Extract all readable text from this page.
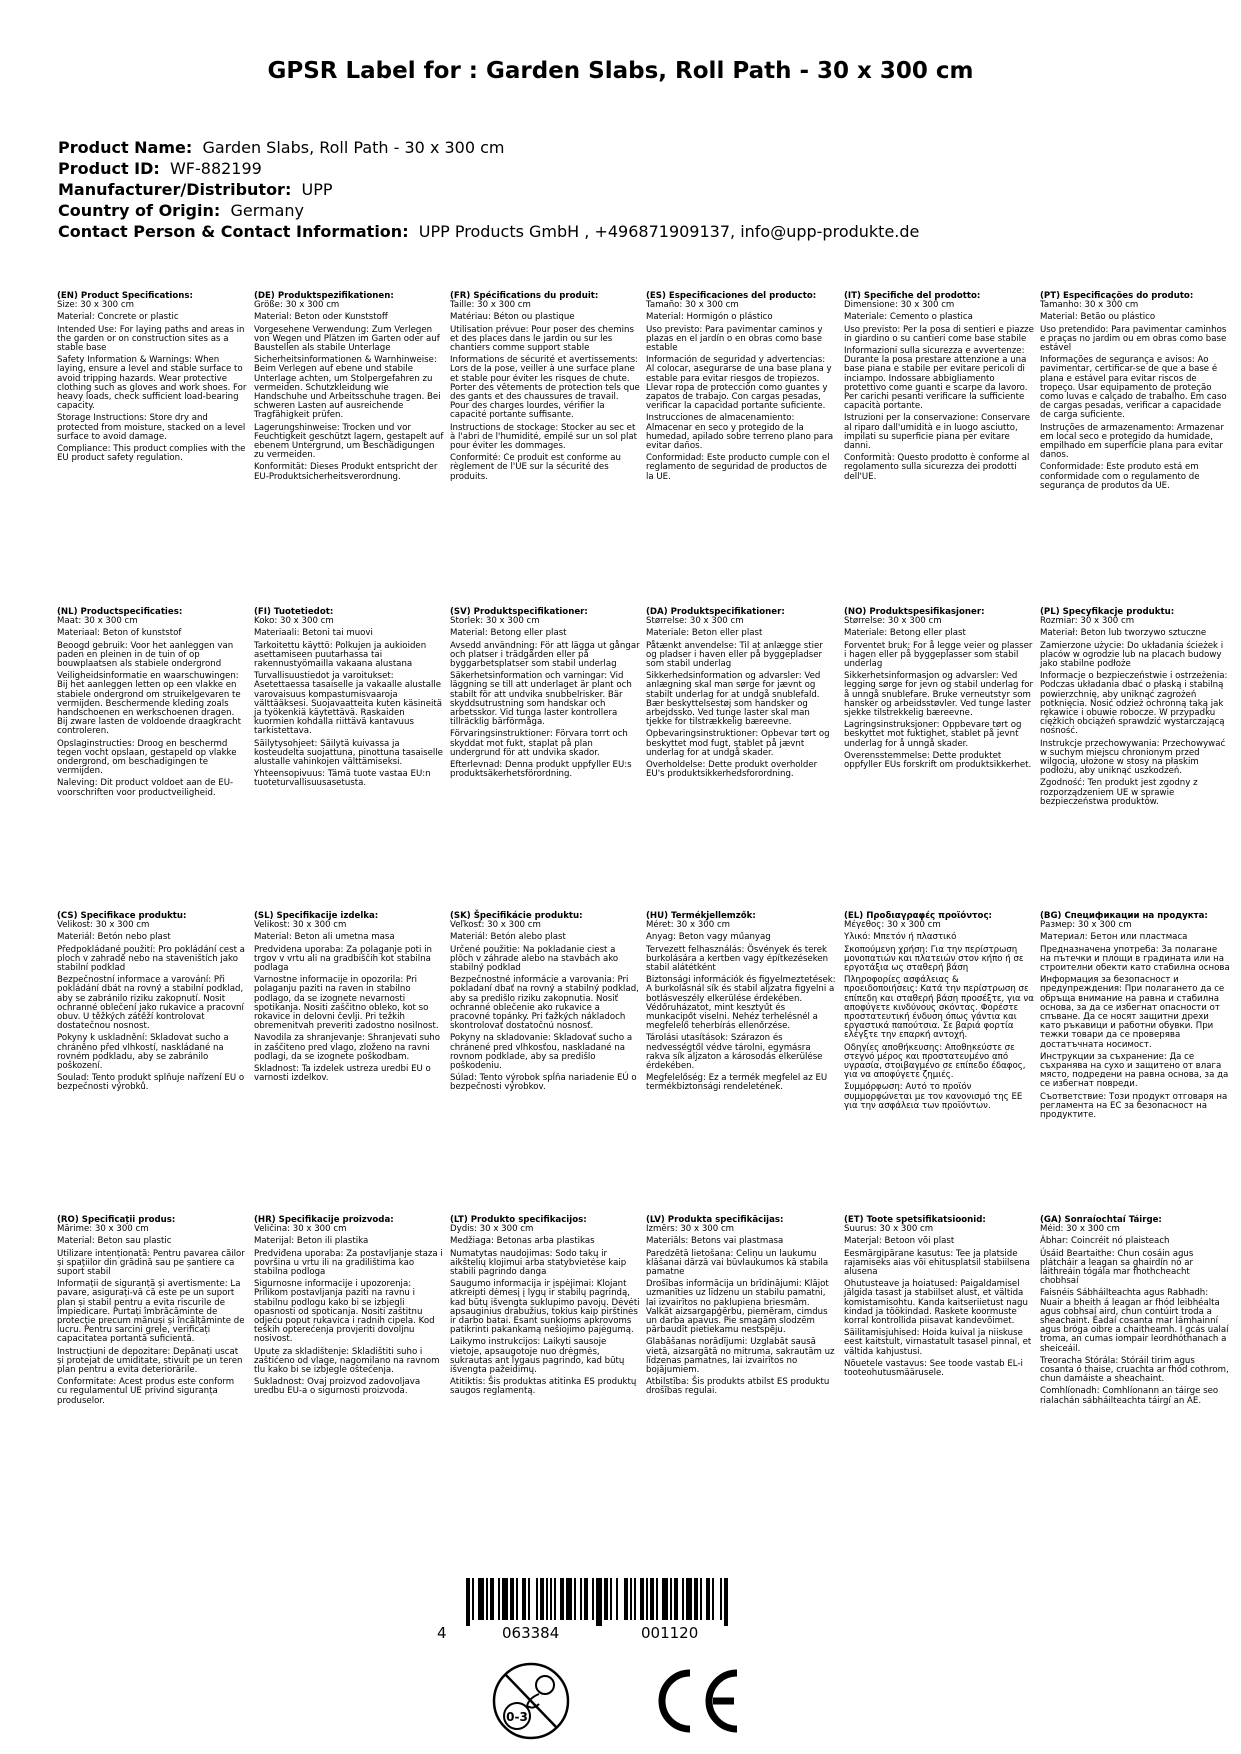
GPSR Label for : Garden Slabs, Roll Path - 30 x 300 cm
Product Name: Garden Slabs, Roll Path - 30 x 300 cm
Product ID: WF-882199
Manufacturer/Distributor: UPP
Country of Origin: Germany
Contact Person & Contact Information: UPP Products GmbH , +496871909137, info@upp-produkte.de
(EN) Product Specifications:
Size: 30 x 300 cm
Material: Concrete or plastic
Intended Use: For laying paths and areas in the garden or on construction sites as a stable base
Safety Information & Warnings: When laying, ensure a level and stable surface to avoid tripping hazards. Wear protective clothing such as gloves and work shoes. For heavy loads, check sufficient load-bearing capacity.
Storage Instructions: Store dry and protected from moisture, stacked on a level surface to avoid damage.
Compliance: This product complies with the EU product safety regulation.
(DE) Produktspezifikationen:
Größe: 30 x 300 cm
Material: Beton oder Kunststoff
Vorgesehene Verwendung: Zum Verlegen von Wegen und Plätzen im Garten oder auf Baustellen als stabile Unterlage
Sicherheitsinformationen & Warnhinweise: Beim Verlegen auf ebene und stabile Unterlage achten, um Stolpergefahren zu vermeiden. Schutzkleidung wie Handschuhe und Arbeitsschuhe tragen. Bei schweren Lasten auf ausreichende Tragfähigkeit prüfen.
Lagerungshinweise: Trocken und vor Feuchtigkeit geschützt lagern, gestapelt auf ebenem Untergrund, um Beschädigungen zu vermeiden.
Konformität: Dieses Produkt entspricht der EU-Produktsicherheitsverordnung.
(FR) Spécifications du produit:
Taille: 30 x 300 cm
Matériau: Béton ou plastique
Utilisation prévue: Pour poser des chemins et des places dans le jardin ou sur les chantiers comme support stable
Informations de sécurité et avertissements: Lors de la pose, veiller à une surface plane et stable pour éviter les risques de chute. Porter des vêtements de protection tels que des gants et des chaussures de travail. Pour des charges lourdes, vérifier la capacité portante suffisante.
Instructions de stockage: Stocker au sec et à l'abri de l'humidité, empilé sur un sol plat pour éviter les dommages.
Conformité: Ce produit est conforme au règlement de l'UE sur la sécurité des produits.
(ES) Especificaciones del producto:
Tamaño: 30 x 300 cm
Material: Hormigón o plástico
Uso previsto: Para pavimentar caminos y plazas en el jardín o en obras como base estable
Información de seguridad y advertencias: Al colocar, asegurarse de una base plana y estable para evitar riesgos de tropiezos. Llevar ropa de protección como guantes y zapatos de trabajo. Con cargas pesadas, verificar la capacidad portante suficiente.
Instrucciones de almacenamiento: Almacenar en seco y protegido de la humedad, apilado sobre terreno plano para evitar daños.
Conformidad: Este producto cumple con el reglamento de seguridad de productos de la UE.
(IT) Specifiche del prodotto:
Dimensione: 30 x 300 cm
Materiale: Cemento o plastica
Uso previsto: Per la posa di sentieri e piazze in giardino o su cantieri come base stabile
Informazioni sulla sicurezza e avvertenze: Durante la posa prestare attenzione a una base piana e stabile per evitare pericoli di inciampo. Indossare abbigliamento protettivo come guanti e scarpe da lavoro. Per carichi pesanti verificare la sufficiente capacità portante.
Istruzioni per la conservazione: Conservare al riparo dall'umidità e in luogo asciutto, impilati su superficie piana per evitare danni.
Conformità: Questo prodotto è conforme al regolamento sulla sicurezza dei prodotti dell'UE.
(PT) Especificações do produto:
Tamanho: 30 x 300 cm
Material: Betão ou plástico
Uso pretendido: Para pavimentar caminhos e praças no jardim ou em obras como base estável
Informações de segurança e avisos: Ao pavimentar, certificar-se de que a base é plana e estável para evitar riscos de tropeço. Usar equipamento de proteção como luvas e calçado de trabalho. Em caso de cargas pesadas, verificar a capacidade de carga suficiente.
Instruções de armazenamento: Armazenar em local seco e protegido da humidade, empilhado em superfície plana para evitar danos.
Conformidade: Este produto está em conformidade com o regulamento de segurança de produtos da UE.
(NL) Productspecificaties:
Maat: 30 x 300 cm
Materiaal: Beton of kunststof
Beoogd gebruik: Voor het aanleggen van paden en pleinen in de tuin of op bouwplaatsen als stabiele ondergrond
Veiligheidsinformatie en waarschuwingen: Bij het aanleggen letten op een vlakke en stabiele ondergrond om struikelgevaren te vermijden. Beschermende kleding zoals handschoenen en werkschoenen dragen. Bij zware lasten de voldoende draagkracht controleren.
Opslaginstructies: Droog en beschermd tegen vocht opslaan, gestapeld op vlakke ondergrond, om beschadigingen te vermijden.
Naleving: Dit product voldoet aan de EU-voorschriften voor productveiligheid.
(FI) Tuotetiedot:
Koko: 30 x 300 cm
Materiaali: Betoni tai muovi
Tarkoitettu käyttö: Polkujen ja aukioiden asettamiseen puutarhassa tai rakennustyömailla vakaana alustana
Turvallisuustiedot ja varoitukset: Asetettaessa tasaiselle ja vakaalle alustalle varovaisuus kompastumisvaaroja välttääksesi. Suojavaatteita kuten käsineitä ja työkenkiä käytettävä. Raskaiden kuormien kohdalla riittävä kantavuus tarkistettava.
Säilytysohjeet: Säilytä kuivassa ja kosteudelta suojattuna, pinottuna tasaiselle alustalle vahinkojen välttämiseksi.
Yhteensopivuus: Tämä tuote vastaa EU:n tuoteturvallisuusasetusta.
(SV) Produktspecifikationer:
Storlek: 30 x 300 cm
Material: Betong eller plast
Avsedd användning: För att lägga ut gångar och platser i trädgården eller på byggarbetsplatser som stabil underlag
Säkerhetsinformation och varningar: Vid läggning se till att underlaget är plant och stabilt för att undvika snubbelrisker. Bär skyddsutrustning som handskar och arbetsskor. Vid tunga laster kontrollera tillräcklig bärförmåga.
Förvaringsinstruktioner: Förvara torrt och skyddat mot fukt, staplat på plan undergrund för att undvika skador.
Efterlevnad: Denna produkt uppfyller EU:s produktsäkerhetsförordning.
(DA) Produktspecifikationer:
Størrelse: 30 x 300 cm
Materiale: Beton eller plast
Påtænkt anvendelse: Til at anlægge stier og pladser i haven eller på byggepladser som stabil underlag
Sikkerhedsinformation og advarsler: Ved anlægning skal man sørge for jævnt og stabilt underlag for at undgå snublefald. Bær beskyttelsestøj som handsker og arbejdssko. Ved tunge laster skal man tjekke for tilstrækkelig bæreevne.
Opbevaringsinstruktioner: Opbevar tørt og beskyttet mod fugt, stablet på jævnt underlag for at undgå skader.
Overholdelse: Dette produkt overholder EU's produktsikkerhedsforordning.
(NO) Produktspesifikasjoner:
Størrelse: 30 x 300 cm
Materiale: Betong eller plast
Forventet bruk: For å legge veier og plasser i hagen eller på byggeplasser som stabil underlag
Sikkerhetsinformasjon og advarsler: Ved legging sørge for jevn og stabil underlag for å unngå snublefare. Bruke verneutstyr som hansker og arbeidsstøvler. Ved tunge laster sjekke tilstrekkelig bæreevne.
Lagringsinstruksjoner: Oppbevare tørt og beskyttet mot fuktighet, stablet på jevnt underlag for å unngå skader.
Overensstemmelse: Dette produktet oppfyller EUs forskrift om produktsikkerhet.
(PL) Specyfikacje produktu:
Rozmiar: 30 x 300 cm
Materiał: Beton lub tworzywo sztuczne
Zamierzone użycie: Do układania ścieżek i placów w ogrodzie lub na placach budowy jako stabilne podłoże
Informacje o bezpieczeństwie i ostrzeżenia: Podczas układania dbać o płaską i stabilną powierzchnię, aby uniknąć zagrożeń potknięcia. Nosić odzież ochronną taką jak rękawice i obuwie robocze. W przypadku ciężkich obciążeń sprawdzić wystarczającą nośność.
Instrukcje przechowywania: Przechowywać w suchym miejscu chronionym przed wilgocią, ułożone w stosy na płaskim podłożu, aby uniknąć uszkodzeń.
Zgodność: Ten produkt jest zgodny z rozporządzeniem UE w sprawie bezpieczeństwa produktów.
(CS) Specifikace produktu:
Velikost: 30 x 300 cm
Materiál: Betón nebo plast
Předpokládané použití: Pro pokládání cest a ploch v zahradě nebo na staveništích jako stabilní podklad
Bezpečnostní informace a varování: Při pokládání dbát na rovný a stabilní podklad, aby se zabránilo riziku zakopnutí. Nosit ochranné oblečení jako rukavice a pracovní obuv. U těžkých zátěží kontrolovat dostatečnou nosnost.
Pokyny k uskladnění: Skladovat sucho a chráněno před vlhkostí, naskládané na rovném podkladu, aby se zabránilo poškození.
Soulad: Tento produkt splňuje nařízení EU o bezpečnosti výrobků.
(SL) Specifikacije izdelka:
Velikost: 30 x 300 cm
Material: Beton ali umetna masa
Predvidena uporaba: Za polaganje poti in trgov v vrtu ali na gradbiščih kot stabilna podlaga
Varnostne informacije in opozorila: Pri polaganju paziti na raven in stabilno podlago, da se izognete nevarnosti spotikanja. Nositi zaščitno obleko, kot so rokavice in delovni čevlji. Pri težkih obremenitvah preveriti zadostno nosilnost.
Navodila za shranjevanje: Shranjevati suho in zaščiteno pred vlago, zloženo na ravni podlagi, da se izognete poškodbam.
Skladnost: Ta izdelek ustreza uredbi EU o varnosti izdelkov.
(SK) Špecifikácie produktu:
Veľkosť: 30 x 300 cm
Materiál: Betón alebo plast
Určené použitie: Na pokladanie ciest a plôch v záhrade alebo na stavbách ako stabilný podklad
Bezpečnostné informácie a varovania: Pri pokladaní dbať na rovný a stabilný podklad, aby sa predišlo riziku zakopnutia. Nosiť ochranné oblečenie ako rukavice a pracovné topánky. Pri ťažkých nákladoch skontrolovať dostatočnú nosnosť.
Pokyny na skladovanie: Skladovať sucho a chránené pred vlhkosťou, naskladané na rovnom podklade, aby sa predišlo poškodeniu.
Súlad: Tento výrobok spĺňa nariadenie EÚ o bezpečnosti výrobkov.
(HU) Termékjellemzők:
Méret: 30 x 300 cm
Anyag: Beton vagy műanyag
Tervezett felhasználás: Ösvények és terek burkolására a kertben vagy építkezéseken stabil alátétként
Biztonsági információk és figyelmeztetések: A burkolásnál sík és stabil aljzatra figyelni a botlásveszély elkerülése érdekében. Védőruházatot, mint kesztyűt és munkacipőt viselni. Nehéz terhelésnél a megfelelő teherbírás ellenőrzése.
Tárolási utasítások: Szárazon és nedvességtől védve tárolni, egymásra rakva sík aljzaton a károsodás elkerülése érdekében.
Megfelelőség: Ez a termék megfelel az EU termékbiztonsági rendeletének.
(EL) Προδιαγραφές προϊόντος:
Μέγεθος: 30 x 300 cm
Υλικό: Μπετόν ή πλαστικό
Σκοπούμενη χρήση: Για την περίστρωση μονοπατιών και πλατειών στον κήπο ή σε εργοτάξια ως σταθερή βάση
Πληροφορίες ασφάλειας & προειδοποιήσεις: Κατά την περίστρωση σε επίπεδη και σταθερή βάση προσέξτε, για να αποφύγετε κινδύνους σκόντας. Φορέστε προστατευτική ένδυση όπως γάντια και εργαστικά παπούτσια. Σε βαριά φορτία ελέγξτε την επαρκή αντοχή.
Οδηγίες αποθήκευσης: Αποθηκεύστε σε στεγνό μέρος και προστατευμένο από υγρασία, στοιβαγμένο σε επίπεδο έδαφος, για να αποφύγετε ζημιές.
Συμμόρφωση: Αυτό το προϊόν συμμορφώνεται με τον κανονισμό της ΕΕ για την ασφάλεια των προϊόντων.
(BG) Спецификации на продукта:
Размер: 30 x 300 cm
Материал: Бетон или пластмаса
Предназначена употреба: За полагане на пътечки и площи в градината или на строителни обекти като стабилна основа
Информация за безопасност и предупреждения: При полагането да се обръща внимание на равна и стабилна основа, за да се избегнат опасности от спъване. Да се носят защитни дрехи като ръкавици и работни обувки. При тежки товари да се проверява достатъчната носимост.
Инструкции за съхранение: Да се съхранява на сухо и защитено от влага място, подредени на равна основа, за да се избегнат повреди.
Съответствие: Този продукт отговаря на регламента на ЕС за безопасност на продуктите.
(RO) Specificații produs:
Mărime: 30 x 300 cm
Material: Beton sau plastic
Utilizare intenționată: Pentru pavarea căilor și spațiilor din grădină sau pe șantiere ca suport stabil
Informații de siguranță și avertismente: La pavare, asigurați-vă că este pe un suport plan și stabil pentru a evita riscurile de împiedicare. Purtați îmbrăcăminte de protecție precum mănuși și încălțăminte de lucru. Pentru sarcini grele, verificați capacitatea portantă suficientă.
Instrucțiuni de depozitare: Depănați uscat și protejat de umiditate, stivuit pe un teren plan pentru a evita deteriorările.
Conformitate: Acest produs este conform cu regulamentul UE privind siguranța produselor.
(HR) Specifikacije proizvoda:
Veličina: 30 x 300 cm
Materijal: Beton ili plastika
Predviđena uporaba: Za postavljanje staza i površina u vrtu ili na gradilištima kao stabilna podloga
Sigurnosne informacije i upozorenja: Prilikom postavljanja paziti na ravnu i stabilnu podlogu kako bi se izbjegli opasnosti od spoticanja. Nositi zaštitnu odjeću poput rukavica i radnih cipela. Kod teških opterećenja provjeriti dovoljnu nosivost.
Upute za skladištenje: Skladištiti suho i zaštićeno od vlage, nagomilano na ravnom tlu kako bi se izbjegle oštećenja.
Sukladnost: Ovaj proizvod zadovoljava uredbu EU-a o sigurnosti proizvoda.
(LT) Produkto specifikacijos:
Dydis: 30 x 300 cm
Medžiaga: Betonas arba plastikas
Numatytas naudojimas: Sodo takų ir aikštelių klojimui arba statybvietėse kaip stabili pagrindo danga
Saugumo informacija ir įspėjimai: Klojant atkreipti dėmesį į lygų ir stabilų pagrindą, kad būtų išvengta suklupimo pavojų. Dėvėti apsauginius drabužius, tokius kaip pirštinės ir darbo batai. Esant sunkioms apkrovoms patikrinti pakankamą nešiojimo pajėgumą.
Laikymo instrukcijos: Laikyti sausoje vietoje, apsaugotoje nuo drėgmės, sukrautas ant lygaus pagrindo, kad būtų išvengta pažeidimų.
Atitiktis: Šis produktas atitinka ES produktų saugos reglamentą.
(LV) Produkta specifikācijas:
Izmērs: 30 x 300 cm
Materiāls: Betons vai plastmasa
Paredzētā lietošana: Celiņu un laukumu klāšanai dārzā vai būvlaukumos kā stabila pamatne
Drošības informācija un brīdinājumi: Klājot uzmanīties uz līdzenu un stabilu pamatni, lai izvairītos no paklupiena briesmām. Valkāt aizsargapģērbu, piemēram, cimdus un darba apavus. Pie smagām slodzēm pārbaudīt pietiekamu nestspēju.
Glabāšanas norādījumi: Uzglabāt sausā vietā, aizsargātā no mitruma, sakrautām uz līdzenas pamatnes, lai izvairītos no bojājumiem.
Atbilstība: Šis produkts atbilst ES produktu drošības regulai.
(ET) Toote spetsifikatsioonid:
Suurus: 30 x 300 cm
Materjal: Betoon või plast
Eesmärgipärane kasutus: Tee ja platside rajamiseks aias või ehitusplatsil stabiilsena alusena
Ohutusteave ja hoiatused: Paigaldamisel jälgida tasast ja stabiilset alust, et vältida komistamisohtu. Kanda kaitseriietust nagu kindad ja töökindad. Raskete koormuste korral kontrollida piisavat kandevõimet.
Säilitamisjuhised: Hoida kuival ja niiskuse eest kaitstult, virnastatult tasasel pinnal, et vältida kahjustusi.
Nõuetele vastavus: See toode vastab EL-i tooteohutusmäärusele.
(GA) Sonraíochtaí Táirge:
Méid: 30 x 300 cm
Ábhar: Coincréit nó plaisteach
Úsáid Beartaithe: Chun cosáin agus plátcháir a leagan sa ghairdín nó ar láithreáin tógála mar fhothcheacht chobhsaí
Faisnéis Sábháilteachta agus Rabhadh: Nuair a bheith á leagan ar fhód leibhéalta agus cobhsaí aird, chun contúirt troda a sheachaint. Éadaí cosanta mar lámhainní agus bróga oibre a chaitheamh. I gcás ualaí troma, an cumas iompair leordhóthanach a sheiceáil.
Treoracha Stórála: Stóráil tirim agus cosanta ó thaise, cruachta ar fhód cothrom, chun damáiste a sheachaint.
Comhlíonadh: Comhlíonann an táirge seo rialachán sábháilteachta táirgí an AE.
4	063384	001120
0-3
